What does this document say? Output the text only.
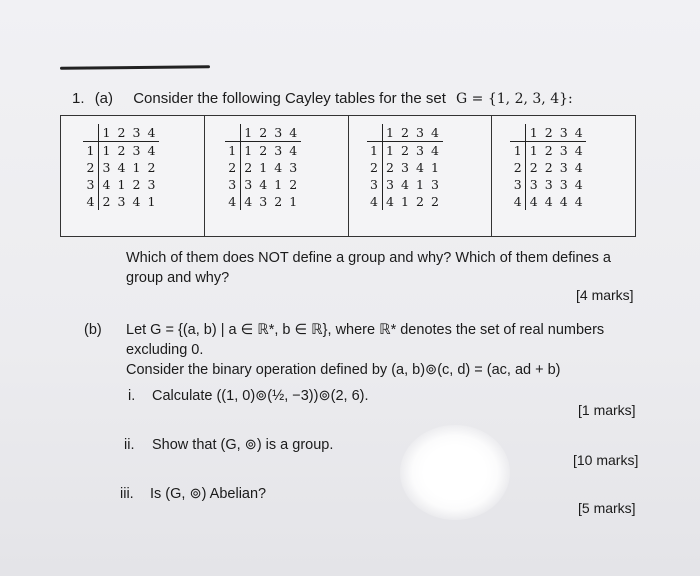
1. (a) Consider the following Cayley tables for the set G = {1, 2, 3, 4}:
	1	2	3	4
1	1	2	3	4
2	3	4	1	2
3	4	1	2	3
4	2	3	4	1
	1	2	3	4
1	1	2	3	4
2	2	1	4	3
3	3	4	1	2
4	4	3	2	1
	1	2	3	4
1	1	2	3	4
2	2	3	4	1
3	3	4	1	3
4	4	1	2	2
	1	2	3	4
1	1	2	3	4
2	2	2	3	4
3	3	3	3	4
4	4	4	4	4
Which of them does NOT define a group and why? Which of them defines a
group and why?
[4 marks]
(b) Let G = {(a, b) | a ∈ ℝ*, b ∈ ℝ}, where ℝ* denotes the set of real numbers
excluding 0.
Consider the binary operation defined by (a, b)⊚(c, d) = (ac, ad + b)
i. Calculate ((1, 0)⊚(½, −3))⊚(2, 6).
[1 marks]
ii. Show that (G, ⊚) is a group.
[10 marks]
iii. Is (G, ⊚) Abelian?
[5 marks]
